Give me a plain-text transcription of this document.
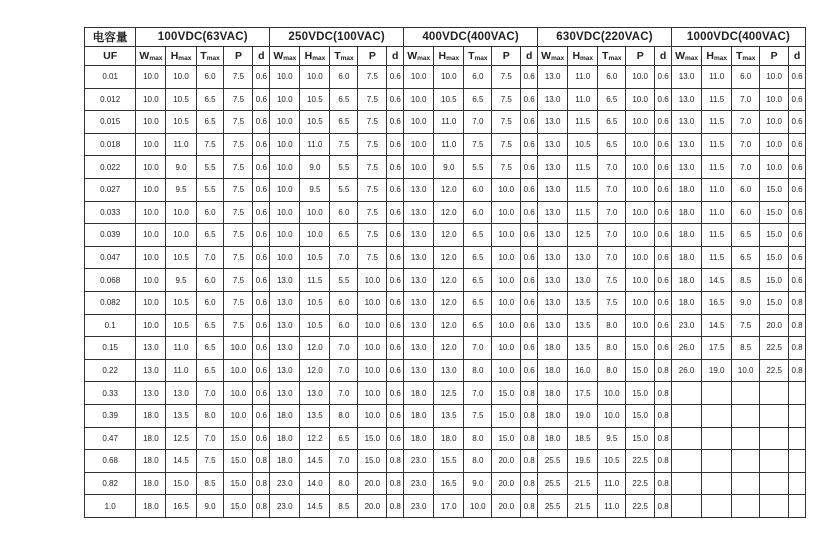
电容量	100VDC(63VAC)					250VDC(100VAC)					400VDC(400VAC)					630VDC(220VAC)					1000VDC(400VAC)				
UF	$W_{max}$	$H_{max}$	$T_{max}$	P	d	$W_{max}$	$H_{max}$	$T_{max}$	P	d	$W_{max}$	$H_{max}$	$T_{max}$	P	d	$W_{max}$	$H_{max}$	$T_{max}$	P	d	$W_{max}$	$H_{max}$	$T_{max}$	P	d
0.01	10.0	10.0	6.0	7.5	0.6	10.0	10.0	6.0	7.5	0.6	10.0	10.0	6.0	7.5	0.6	13.0	11.0	6.0	10.0	0.6	13.0	11.0	6.0	10.0	0.6
0.012	10.0	10.5	6.5	7.5	0.6	10.0	10.5	6.5	7.5	0.6	10.0	10.5	6.5	7.5	0.6	13.0	11.0	6.5	10.0	0.6	13.0	11.5	7.0	10.0	0.6
0.015	10.0	10.5	6.5	7.5	0.6	10.0	10.5	6.5	7.5	0.6	10.0	11.0	7.0	7.5	0.6	13.0	11.5	6.5	10.0	0.6	13.0	11.5	7.0	10.0	0.6
0.018	10.0	11.0	7.5	7.5	0.6	10.0	11.0	7.5	7.5	0.6	10.0	11.0	7.5	7.5	0.6	13.0	10.5	6.5	10.0	0.6	13.0	11.5	7.0	10.0	0.6
0.022	10.0	9.0	5.5	7.5	0.6	10.0	9.0	5.5	7.5	0.6	10.0	9.0	5.5	7.5	0.6	13.0	11.5	7.0	10.0	0.6	13.0	11.5	7.0	10.0	0.6
0.027	10.0	9.5	5.5	7.5	0.6	10.0	9.5	5.5	7.5	0.6	13.0	12.0	6.0	10.0	0.6	13.0	11.5	7.0	10.0	0.6	18.0	11.0	6.0	15.0	0.6
0.033	10.0	10.0	6.0	7.5	0.6	10.0	10.0	6.0	7.5	0.6	13.0	12.0	6.0	10.0	0.6	13.0	11.5	7.0	10.0	0.6	18.0	11.0	6.0	15.0	0.6
0.039	10.0	10.0	6.5	7.5	0.6	10.0	10.0	6.5	7.5	0.6	13.0	12.0	6.5	10.0	0.6	13.0	12.5	7.0	10.0	0.6	18.0	11.5	6.5	15.0	0.6
0.047	10.0	10.5	7.0	7.5	0.6	10.0	10.5	7.0	7.5	0.6	13.0	12.0	6.5	10.0	0.6	13.0	13.0	7.0	10.0	0.6	18.0	11.5	6.5	15.0	0.6
0.068	10.0	9.5	6.0	7.5	0.6	13.0	11.5	5.5	10.0	0.6	13.0	12.0	6.5	10.0	0.6	13.0	13.0	7.5	10.0	0.6	18.0	14.5	8.5	15.0	0.6
0.082	10.0	10.5	6.0	7.5	0.6	13.0	10.5	6.0	10.0	0.6	13.0	12.0	6.5	10.0	0.6	13.0	13.5	7.5	10.0	0.6	18.0	16.5	9.0	15.0	0.8
0.1	10.0	10.5	6.5	7.5	0.6	13.0	10.5	6.0	10.0	0.6	13.0	12.0	6.5	10.0	0.6	13.0	13.5	8.0	10.0	0.6	23.0	14.5	7.5	20.0	0.8
0.15	13.0	11.0	6.5	10.0	0.6	13.0	12.0	7.0	10.0	0.6	13.0	12.0	7.0	10.0	0.6	18.0	13.5	8.0	15.0	0.6	26.0	17.5	8.5	22.5	0.8
0.22	13.0	11.0	6.5	10.0	0.6	13.0	12.0	7.0	10.0	0.6	13.0	13.0	8.0	10.0	0.6	18.0	16.0	8.0	15.0	0.8	26.0	19.0	10.0	22.5	0.8
0.33	13.0	13.0	7.0	10.0	0.6	13.0	13.0	7.0	10.0	0.6	18.0	12.5	7.0	15.0	0.8	18.0	17.5	10.0	15.0	0.8					
0.39	18.0	13.5	8.0	10.0	0.6	18.0	13.5	8.0	10.0	0.6	18.0	13.5	7.5	15.0	0.8	18.0	19.0	10.0	15.0	0.8					
0.47	18.0	12.5	7.0	15.0	0.6	18.0	12.2	6.5	15.0	0.6	18.0	18.0	8.0	15.0	0.8	18.0	18.5	9.5	15.0	0.8					
0.68	18.0	14.5	7.5	15.0	0.8	18.0	14.5	7.0	15.0	0.8	23.0	15.5	8.0	20.0	0.8	25.5	19.5	10.5	22.5	0.8					
0.82	18.0	15.0	8.5	15.0	0.8	23.0	14.0	8.0	20.0	0.8	23.0	16.5	9.0	20.0	0.8	25.5	21.5	11.0	22.5	0.8					
1.0	18.0	16.5	9.0	15.0	0.8	23.0	14.5	8.5	20.0	0.8	23.0	17.0	10.0	20.0	0.8	25.5	21.5	11.0	22.5	0.8					
